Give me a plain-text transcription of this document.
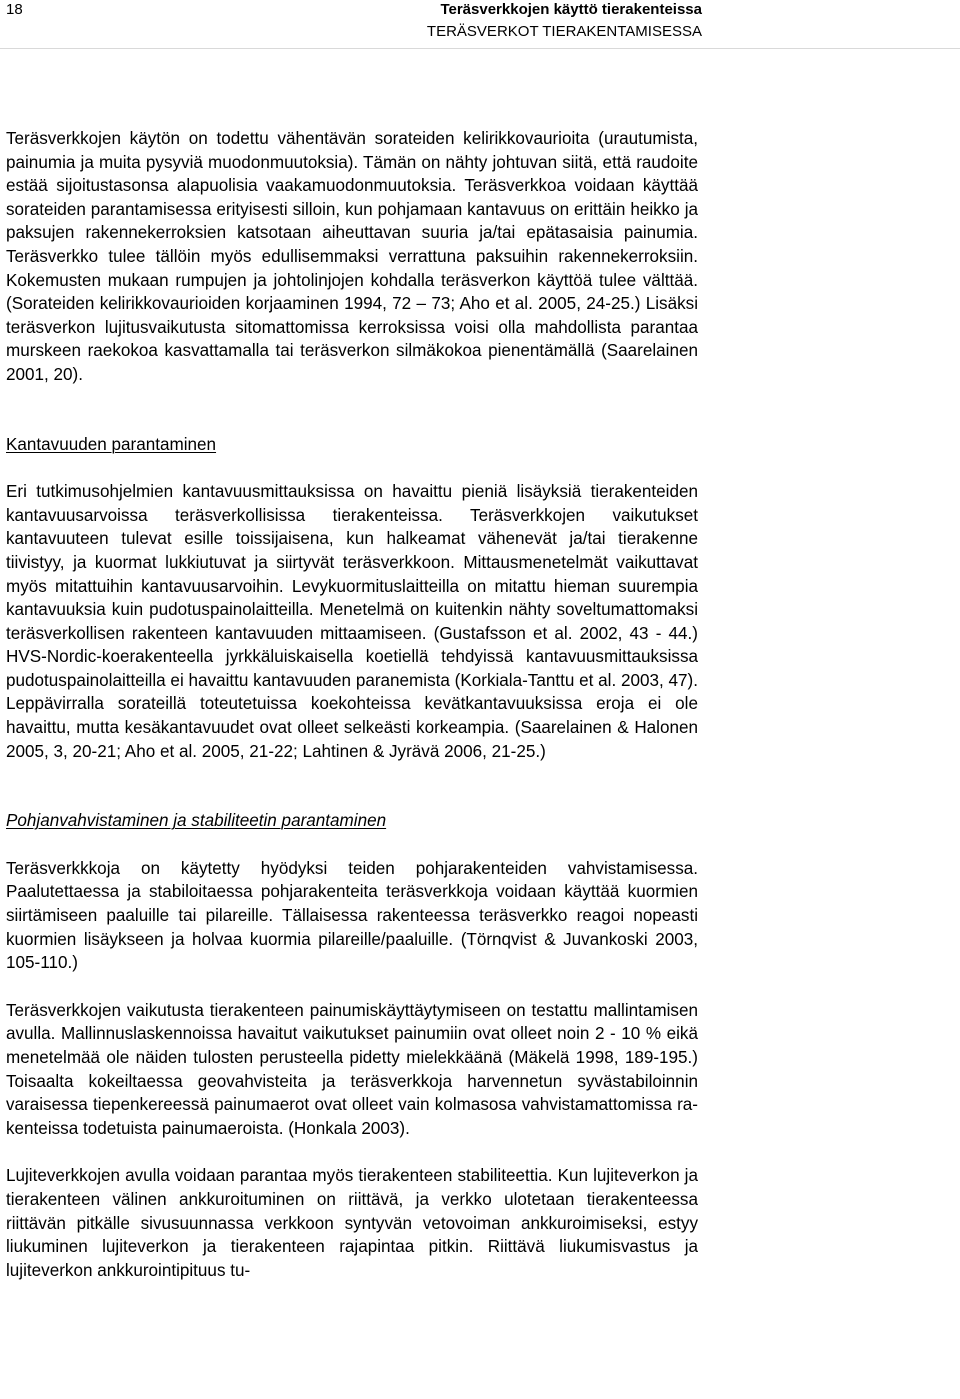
18	Teräsverkkojen käyttö tierakenteissa
TERÄSVERKOT TIERAKENTAMISESSA

Teräsverkkojen käytön on todettu vähentävän sorateiden kelirikkovaurioita (urautumista, painumia ja muita pysyviä muodonmuutoksia). Tämän on nähty johtuvan siitä, että raudoite estää sijoitustasonsa alapuolisia vaakamuodonmuutoksia. Teräsverkkoa voidaan käyttää sorateiden parantamisessa erityisesti silloin, kun pohjamaan kantavuus on erittäin heikko ja paksujen rakennekerroksien katsotaan aiheuttavan suuria ja/tai epätasaisia painumia. Teräsverkko tulee tällöin myös edullisemmaksi verrattuna paksuihin rakennekerroksiin. Kokemusten mukaan rumpujen ja johtolinjojen kohdalla teräsverkon käyttöä tulee välttää. (Sorateiden kelirikkovaurioiden korjaaminen 1994, 72 – 73; Aho et al. 2005, 24-25.) Lisäksi teräsverkon lujitusvaikutusta sitomattomissa kerroksissa voisi olla mahdollista parantaa murskeen raekokoa kasvattamalla tai teräsverkon silmäkokoa pienentämällä (Saarelainen 2001, 20).

Kantavuuden parantaminen

Eri tutkimusohjelmien kantavuusmittauksissa on havaittu pieniä lisäyksiä tierakenteiden kantavuusarvoissa teräsverkollisissa tierakenteissa. Teräsverkkojen vaikutukset kantavuuteen tulevat esille toissijaisena, kun halkeamat vähenevät ja/tai tierakenne tiivistyy, ja kuormat lukkiutuvat ja siirtyvät teräsverkkoon. Mittausmenetelmät vaikuttavat myös mitattuihin kantavuusarvoihin. Levykuormituslaitteilla on mitattu hieman suurempia kantavuuksia kuin pudotuspainolaitteilla. Menetelmä on kuitenkin nähty soveltumattomaksi teräsverkollisen rakenteen kantavuuden mittaamiseen. (Gustafsson et al. 2002, 43 - 44.) HVS-Nordic-koerakenteella jyrkkäluiskaisella koetiellä tehdyissä kantavuusmittauksissa pudotuspainolaitteilla ei havaittu kantavuuden paranemista (Korkiala-Tanttu et al. 2003, 47). Leppävirralla sorateillä toteutetuissa koekohteissa kevätkantavuuksissa eroja ei ole havaittu, mutta kesäkantavuudet ovat olleet selkeästi korkeampia. (Saarelainen & Halonen 2005, 3, 20-21; Aho et al. 2005, 21-22; Lahtinen & Jyrävä 2006, 21-25.)

Pohjanvahvistaminen ja stabiliteetin parantaminen

Teräsverkkkoja on käytetty hyödyksi teiden pohjarakenteiden vahvistamisessa. Paalutettaessa ja stabiloitaessa pohjarakenteita teräsverkkoja voidaan käyttää kuormien siirtämiseen paaluille tai pilareille. Tällaisessa rakenteessa teräsverkko reagoi nopeasti kuormien lisäykseen ja holvaa kuormia pilareille/paaluille. (Törnqvist & Juvankoski 2003, 105-110.)

Teräsverkkojen vaikutusta tierakenteen painumiskäyttäytymiseen on testattu mallintamisen avulla. Mallinnuslaskennoissa havaitut vaikutukset painumiin ovat olleet noin 2 - 10 % eikä menetelmää ole näiden tulosten perusteella pidetty mielekkäänä (Mäkelä 1998, 189-195.) Toisaalta kokeiltaessa geovahvisteita ja teräsverkkoja harvennetun syvästabiloinnin varaisessa tiepenkereessä painumaerot ovat olleet vain kolmasosa vahvistamattomissa rakenteissa todetuista painumaeroista. (Honkala 2003).

Lujiteverkkojen avulla voidaan parantaa myös tierakenteen stabiliteettia. Kun lujiteverkon ja tierakenteen välinen ankkuroituminen on riittävä, ja verkko ulotetaan tierakenteessa riittävän pitkälle sivusuunnassa verkkoon syntyvän vetovoiman ankkuroimiseksi, estyy liukuminen lujiteverkon ja tierakenteen rajapintaa pitkin. Riittävä liukumisvastus ja lujiteverkon ankkurointipituus tu-
